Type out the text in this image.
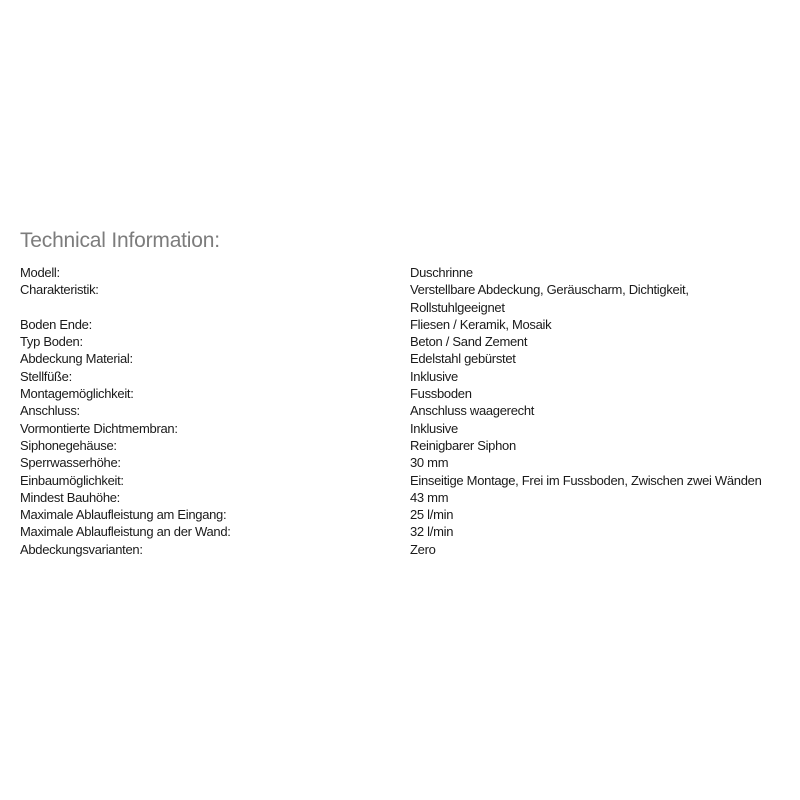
Technical Information:
Modell:	Duschrinne
Charakteristik:	Verstellbare Abdeckung, Geräuscharm, Dichtigkeit,
Rollstuhlgeeignet
Boden Ende:	Fliesen / Keramik, Mosaik
Typ Boden:	Beton / Sand Zement
Abdeckung Material:	Edelstahl gebürstet
Stellfüße:	Inklusive
Montagemöglichkeit:	Fussboden
Anschluss:	Anschluss waagerecht
Vormontierte Dichtmembran:	Inklusive
Siphonegehäuse:	Reinigbarer Siphon
Sperrwasserhöhe:	30 mm
Einbaumöglichkeit:	Einseitige Montage, Frei im Fussboden, Zwischen zwei Wänden
Mindest Bauhöhe:	43 mm
Maximale Ablaufleistung am Eingang:	25 l/min
Maximale Ablaufleistung an der Wand:	32 l/min
Abdeckungsvarianten:	Zero
